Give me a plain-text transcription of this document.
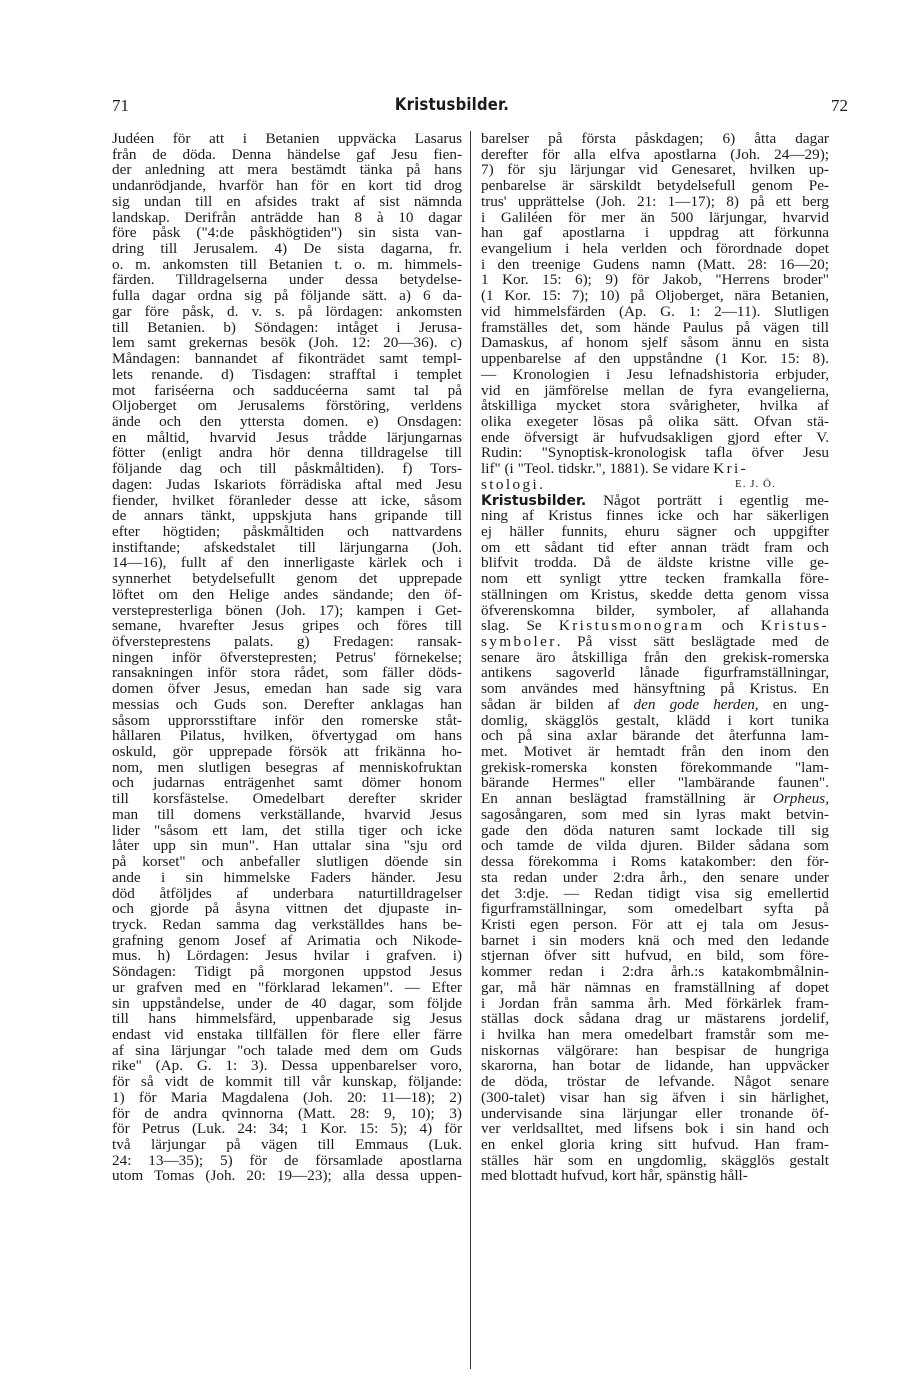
71	Kristusbilder.	72
Judéen för att i Betanien uppväcka Lasarus
från de döda. Denna händelse gaf Jesu fien-
der anledning att mera bestämdt tänka på hans
undanrödjande, hvarför han för en kort tid drog
sig undan till en afsides trakt af sist nämnda
landskap. Derifrån anträdde han 8 à 10 dagar
före påsk ("4:de påskhögtiden") sin sista van-
dring till Jerusalem. 4) De sista dagarna, fr.
o. m. ankomsten till Betanien t. o. m. himmels-
färden. Tilldragelserna under dessa betydelse-
fulla dagar ordna sig på följande sätt. a) 6 da-
gar före påsk, d. v. s. på lördagen: ankomsten
till Betanien. b) Söndagen: intåget i Jerusa-
lem samt grekernas besök (Joh. 12: 20—36). c)
Måndagen: bannandet af fikonträdet samt templ-
lets renande. d) Tisdagen: strafftal i templet
mot fariséerna och sadducéerna samt tal på
Oljoberget om Jerusalems förstöring, verldens
ände och den yttersta domen. e) Onsdagen:
en måltid, hvarvid Jesus trådde lärjungarnas
fötter (enligt andra hör denna tilldragelse till
följande dag och till påskmåltiden). f) Tors-
dagen: Judas Iskariots förrädiska aftal med Jesu
fiender, hvilket föranleder desse att icke, såsom
de annars tänkt, uppskjuta hans gripande till
efter högtiden; påskmåltiden och nattvardens
instiftande; afskedstalet till lärjungarna (Joh.
14—16), fullt af den innerligaste kärlek och i
synnerhet betydelsefullt genom det upprepade
löftet om den Helige andes sändande; den öf-
verstepresterliga bönen (Joh. 17); kampen i Get-
semane, hvarefter Jesus gripes och föres till
öfversteprestens palats. g) Fredagen: ransak-
ningen inför öfversteprestеn; Petrus' förnekelse;
ransakningen inför stora rådet, som fäller döds-
domen öfver Jesus, emedan han sade sig vara
messias och Guds son. Derefter anklagas han
såsom upprorsstiftare inför den romerske ståt-
hållaren Pilatus, hvilken, öfvertygad om hans
oskuld, gör upprepade försök att frikänna ho-
nom, men slutligen besegras af menniskofruktan
och judarnas enträgenhet samt dömer honom
till korsfästelse. Omedelbart derefter skrider
man till domens verkställande, hvarvid Jesus
lider "såsom ett lam, det stilla tiger och icke
låter upp sin mun". Han uttalar sina "sju ord
på korset" och anbefaller slutligen döende sin
ande i sin himmelske Faders händer. Jesu
död åtföljdes af underbara naturtilldragelser
och gjorde på åsyna vittnen det djupaste in-
tryck. Redan samma dag verkställdes hans be-
grafning genom Josef af Arimatia och Nikode-
mus. h) Lördagen: Jesus hvilar i grafven. i)
Söndagen: Tidigt på morgonen uppstod Jesus
ur grafven med en "förklarad lekamen". — Efter
sin uppståndelse, under de 40 dagar, som följde
till hans himmelsfärd, uppenbarade sig Jesus
endast vid enstaka tillfällen för flere eller färre
af sina lärjungar "och talade med dem om Guds
rike" (Ap. G. 1: 3). Dessa uppenbarelser voro,
för så vidt de kommit till vår kunskap, följande:
1) för Maria Magdalena (Joh. 20: 11—18); 2)
för de andra qvinnorna (Matt. 28: 9, 10); 3)
för Petrus (Luk. 24: 34; 1 Kor. 15: 5); 4) för
två lärjungar på vägen till Emmaus (Luk.
24: 13—35); 5) för de församlade apostlarna
utom Tomas (Joh. 20: 19—23); alla dessa uppen-
barelser på första påskdagen; 6) åtta dagar
derefter för alla elfva apostlarna (Joh. 24—29);
7) för sju lärjungar vid Genesaret, hvilken up-
penbarelse är särskildt betydelsefull genom Pe-
trus' upprättelse (Joh. 21: 1—17); 8) på ett berg
i Galiléen för mer än 500 lärjungar, hvarvid
han gaf apostlarna i uppdrag att förkunna
evangelium i hela verlden och förordnade dopet
i den treenige Gudens namn (Matt. 28: 16—20;
1 Kor. 15: 6); 9) för Jakob, "Herrens broder"
(1 Kor. 15: 7); 10) på Oljoberget, nära Betanien,
vid himmelsfärden (Ap. G. 1: 2—11). Slutligen
framställes det, som hände Paulus på vägen till
Damaskus, af honom sjelf såsom ännu en sista
uppenbarelse af den uppståndne (1 Kor. 15: 8).
— Kronologien i Jesu lefnadshistoria erbjuder,
vid en jämförelse mellan de fyra evangelierna,
åtskilliga mycket stora svårigheter, hvilka af
olika exegeter lösas på olika sätt. Ofvan stä-
ende öfversigt är hufvudsakligen gjord efter V.
Rudin: "Synoptisk-kronologisk tafla öfver Jesu
lif" (i "Teol. tidskr.", 1881). Se vidare Kri-
stologi.	E. J. Ö.
Kristusbilder. Något porträtt i egentlig me-
ning af Kristus finnes icke och har säkerligen
ej häller funnits, ehuru sägner och uppgifter
om ett sådant tid efter annan trädt fram och
blifvit trodda. Då de äldste kristne ville ge-
nom ett synligt yttre tecken framkalla före-
ställningen om Kristus, skedde detta genom vissa
öfverenskomna bilder, symboler, af allahanda
slag. Se Kristusmonogram och Kristus-
symboler. På visst sätt beslägtade med de
senare äro åtskilliga från den grekisk-romerska
antikens sagoverld lånade figurframställningar,
som användes med hänsyftning på Kristus. En
sådan är bilden af den gode herden, en ung-
domlig, skägglös gestalt, klädd i kort tunika
och på sina axlar bärande det återfunna lam-
met. Motivet är hemtadt från den inom den
grekisk-romerska konsten förekommande "lam-
bärande Hermes" eller "lambärande faunen".
En annan beslägtad framställning är Orpheus,
sagosångaren, som med sin lyras makt betvin-
gade den döda naturen samt lockade till sig
och tamde de vilda djuren. Bilder sådana som
dessa förekomma i Roms katakomber: den för-
sta redan under 2:dra årh., den senare under
det 3:dje. — Redan tidigt visa sig emellertid
figurframställningar, som omedelbart syfta på
Kristi egen person. För att ej tala om Jesus-
barnet i sin moders knä och med den ledande
stjernan öfver sitt hufvud, en bild, som före-
kommer redan i 2:dra årh.:s katakombmålnin-
gar, må här nämnas en framställning af dopet
i Jordan från samma årh. Med förkärlek fram-
ställas dock sådana drag ur mästarens jordelif,
i hvilka han mera omedelbart framstår som me-
niskornas välgörare: han bespisar de hungriga
skarorna, han botar de lidande, han uppväcker
de döda, tröstar de lefvande. Något senare
(300-talet) visar han sig äfven i sin härlighet,
undervisande sina lärjungar eller tronande öf-
ver verldsalltet, med lifsens bok i sin hand och
en enkel gloria kring sitt hufvud. Han fram-
ställes här som en ungdomlig, skägglös gestalt
med blottadt hufvud, kort hår, spänstig håll-
